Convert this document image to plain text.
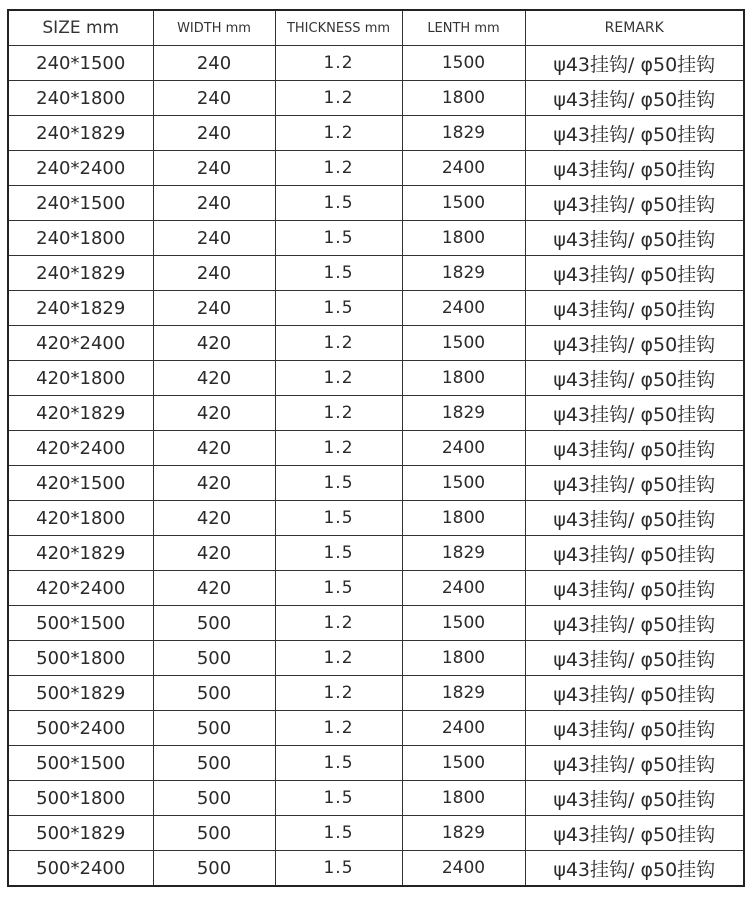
SIZE mm	WIDTH mm	THICKNESS mm	LENTH mm	REMARK
240*1500	240	1.2	1500	ψ43挂钩/ φ50挂钩
240*1800	240	1.2	1800	ψ43挂钩/ φ50挂钩
240*1829	240	1.2	1829	ψ43挂钩/ φ50挂钩
240*2400	240	1.2	2400	ψ43挂钩/ φ50挂钩
240*1500	240	1.5	1500	ψ43挂钩/ φ50挂钩
240*1800	240	1.5	1800	ψ43挂钩/ φ50挂钩
240*1829	240	1.5	1829	ψ43挂钩/ φ50挂钩
240*1829	240	1.5	2400	ψ43挂钩/ φ50挂钩
420*2400	420	1.2	1500	ψ43挂钩/ φ50挂钩
420*1800	420	1.2	1800	ψ43挂钩/ φ50挂钩
420*1829	420	1.2	1829	ψ43挂钩/ φ50挂钩
420*2400	420	1.2	2400	ψ43挂钩/ φ50挂钩
420*1500	420	1.5	1500	ψ43挂钩/ φ50挂钩
420*1800	420	1.5	1800	ψ43挂钩/ φ50挂钩
420*1829	420	1.5	1829	ψ43挂钩/ φ50挂钩
420*2400	420	1.5	2400	ψ43挂钩/ φ50挂钩
500*1500	500	1.2	1500	ψ43挂钩/ φ50挂钩
500*1800	500	1.2	1800	ψ43挂钩/ φ50挂钩
500*1829	500	1.2	1829	ψ43挂钩/ φ50挂钩
500*2400	500	1.2	2400	ψ43挂钩/ φ50挂钩
500*1500	500	1.5	1500	ψ43挂钩/ φ50挂钩
500*1800	500	1.5	1800	ψ43挂钩/ φ50挂钩
500*1829	500	1.5	1829	ψ43挂钩/ φ50挂钩
500*2400	500	1.5	2400	ψ43挂钩/ φ50挂钩
